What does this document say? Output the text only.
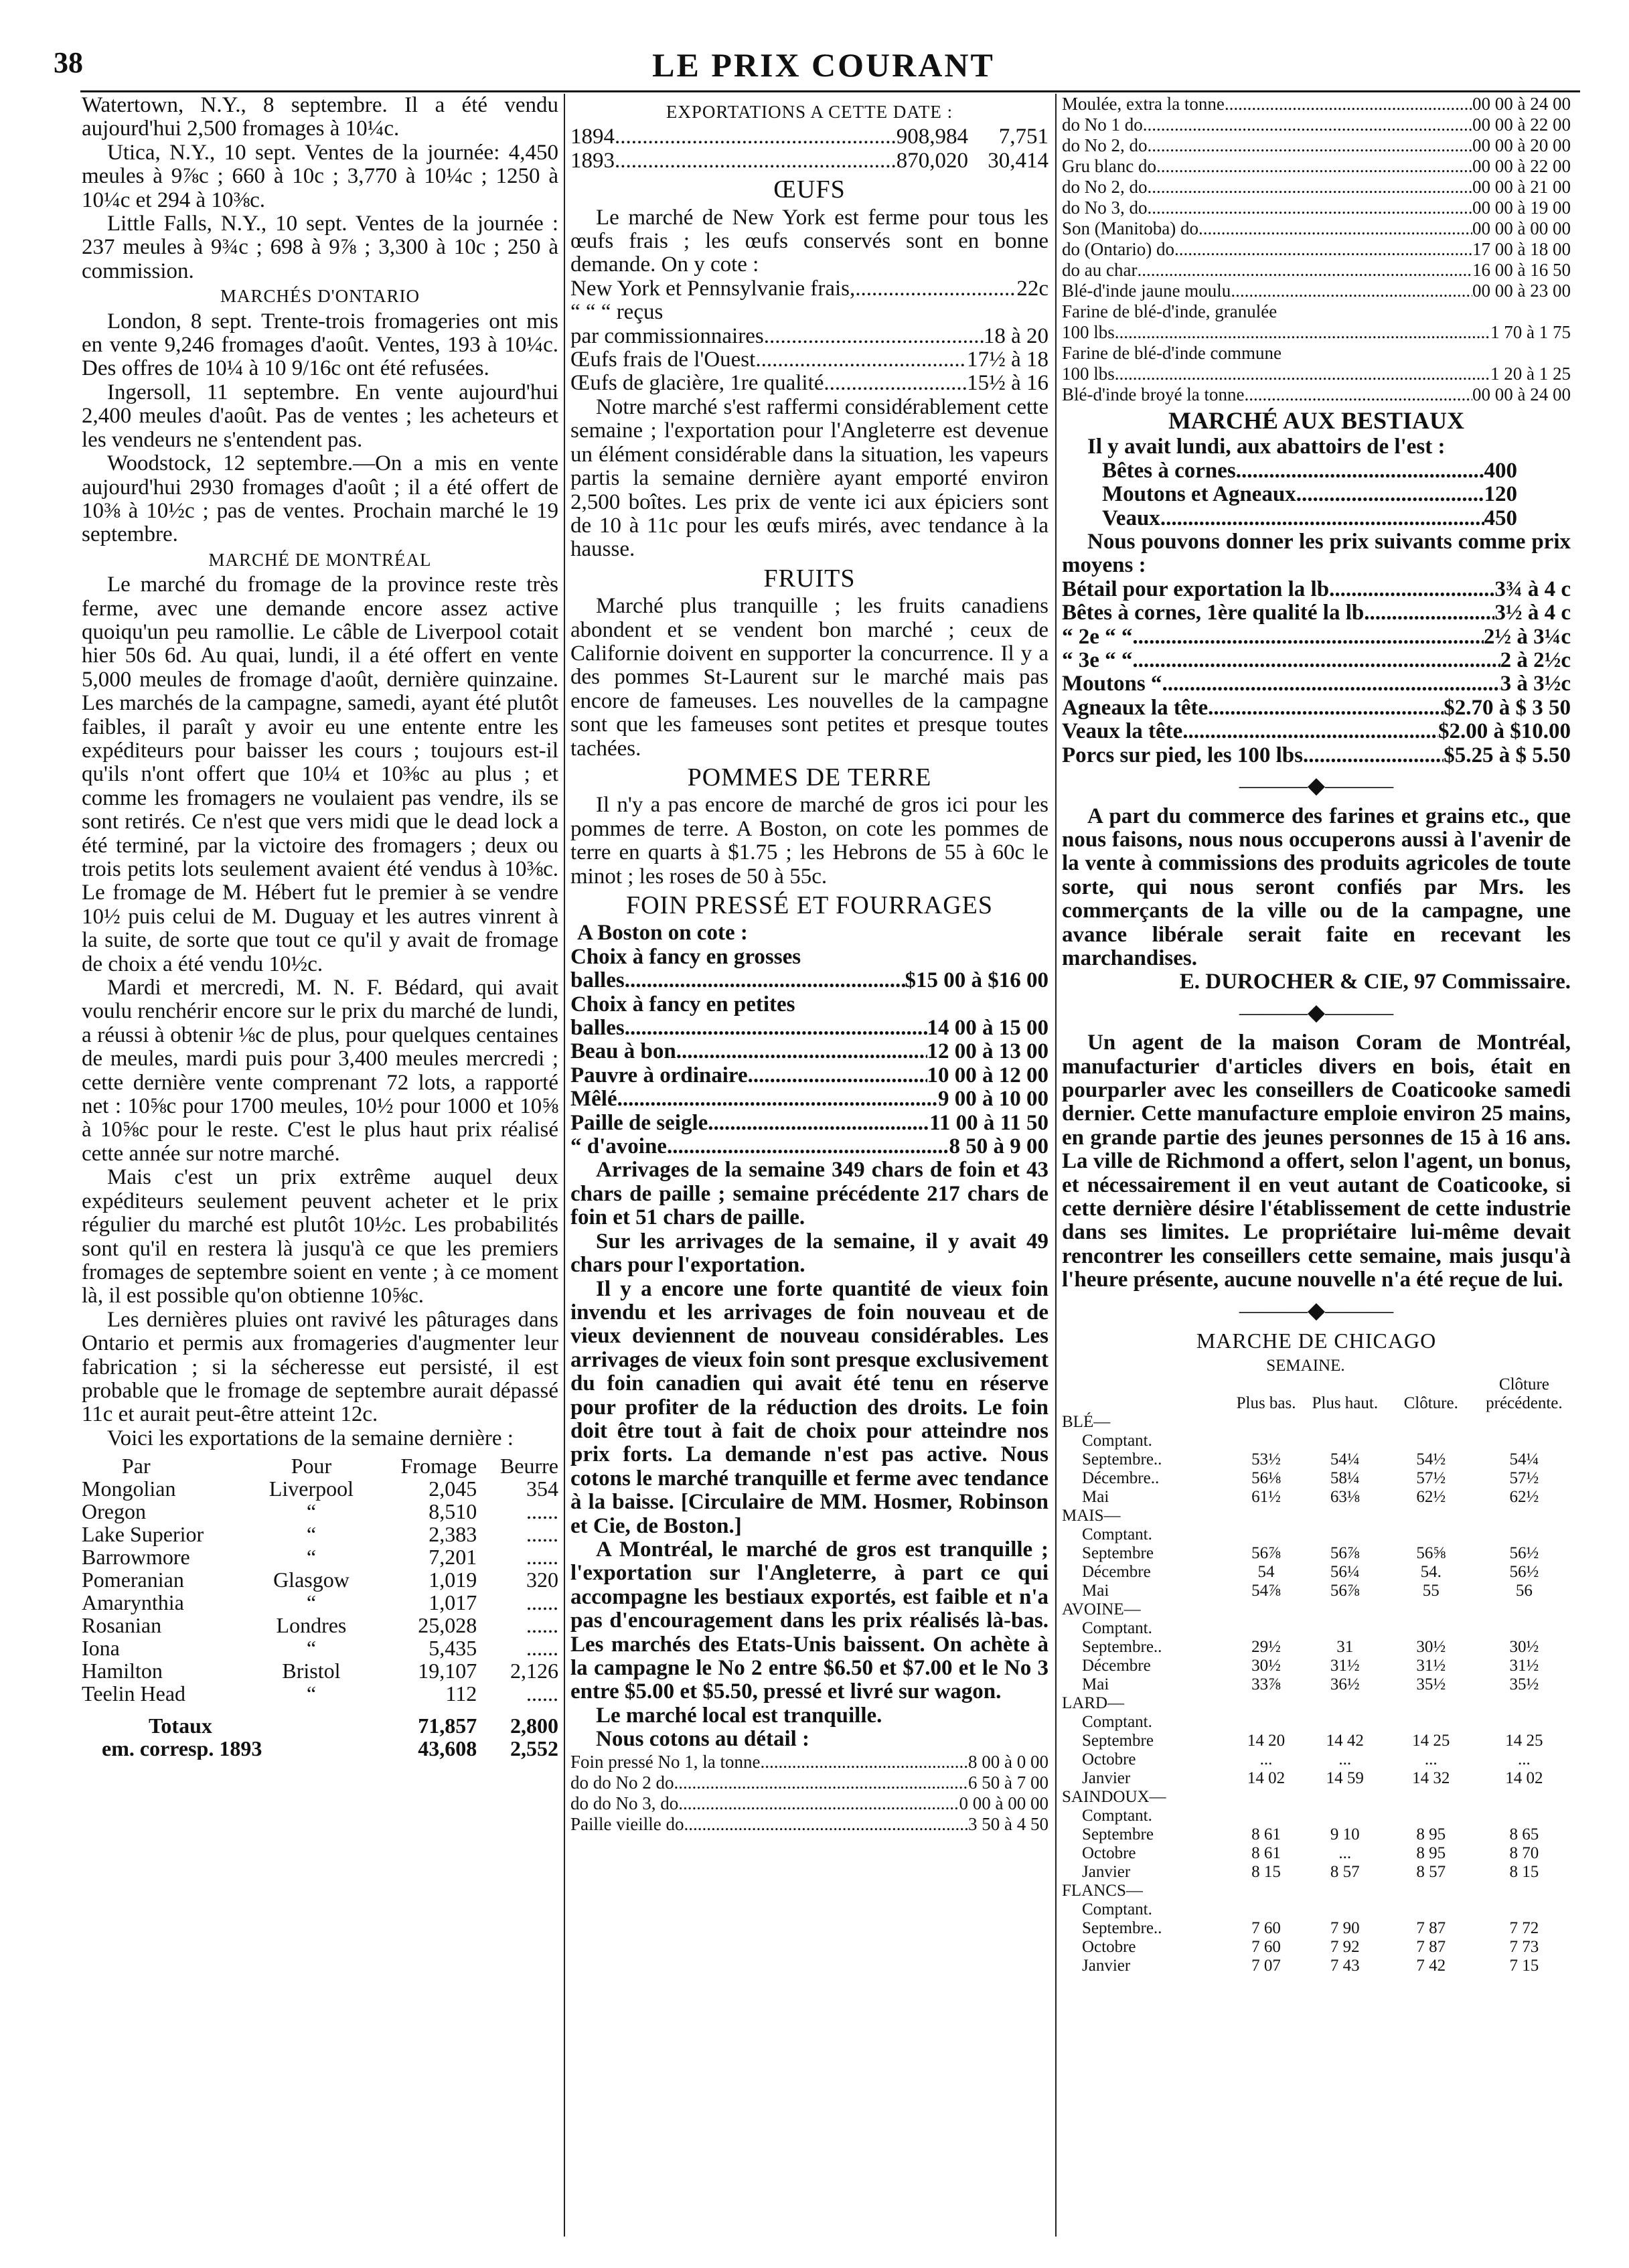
38	LE PRIX COURANT

Watertown, N.Y., 8 septembre. Il a été vendu aujourd'hui 2,500 fromages à 10¼c.

Utica, N.Y., 10 sept. Ventes de la journée: 4,450 meules à 9⅞c ; 660 à 10c ; 3,770 à 10¼c ; 1250 à 10¼c et 294 à 10⅜c.

Little Falls, N.Y., 10 sept. Ventes de la journée : 237 meules à 9¾c ; 698 à 9⅞ ; 3,300 à 10c ; 250 à commission.

MARCHÉS D'ONTARIO

London, 8 sept. Trente-trois fromageries ont mis en vente 9,246 fromages d'août. Ventes, 193 à 10¼c. Des offres de 10¼ à 10 9/16c ont été refusées.

Ingersoll, 11 septembre. En vente aujourd'hui 2,400 meules d'août. Pas de ventes ; les acheteurs et les vendeurs ne s'entendent pas.

Woodstock, 12 septembre.—On a mis en vente aujourd'hui 2930 fromages d'août ; il a été offert de 10⅜ à 10½c ; pas de ventes. Prochain marché le 19 septembre.

MARCHÉ DE MONTRÉAL

Le marché du fromage de la province reste très ferme, avec une demande encore assez active quoiqu'un peu ramollie. Le câble de Liverpool cotait hier 50s 6d. Au quai, lundi, il a été offert en vente 5,000 meules de fromage d'août, dernière quinzaine. Les marchés de la campagne, samedi, ayant été plutôt faibles, il paraît y avoir eu une entente entre les expéditeurs pour baisser les cours ; toujours est-il qu'ils n'ont offert que 10¼ et 10⅜c au plus ; et comme les fromagers ne voulaient pas vendre, ils se sont retirés. Ce n'est que vers midi que le dead lock a été terminé, par la victoire des fromagers ; deux ou trois petits lots seulement avaient été vendus à 10⅜c. Le fromage de M. Hébert fut le premier à se vendre 10½ puis celui de M. Duguay et les autres vinrent à la suite, de sorte que tout ce qu'il y avait de fromage de choix a été vendu 10½c.

Mardi et mercredi, M. N. F. Bédard, qui avait voulu renchérir encore sur le prix du marché de lundi, a réussi à obtenir ⅛c de plus, pour quelques centaines de meules, mardi puis pour 3,400 meules mercredi ; cette dernière vente comprenant 72 lots, a rapporté net : 10⅝c pour 1700 meules, 10½ pour 1000 et 10⅝ à 10⅝c pour le reste. C'est le plus haut prix réalisé cette année sur notre marché.

Mais c'est un prix extrême auquel deux expéditeurs seulement peuvent acheter et le prix régulier du marché est plutôt 10½c. Les probabilités sont qu'il en restera là jusqu'à ce que les premiers fromages de septembre soient en vente ; à ce moment là, il est possible qu'on obtienne 10⅝c.

Les dernières pluies ont ravivé les pâturages dans Ontario et permis aux fromageries d'augmenter leur fabrication ; si la sécheresse eut persisté, il est probable que le fromage de septembre aurait dépassé 11c et aurait peut-être atteint 12c.

Voici les exportations de la semaine dernière :

Par	Pour	Fromage	Beurre
Mongolian	Liverpool	2,045	354
Oregon	“	8,510	......
Lake Superior	“	2,383	......
Barrowmore	“	7,201	......
Pomeranian	Glasgow	1,019	320
Amarynthia	“	1,017	......
Rosanian	Londres	25,028	......
Iona	“	5,435	......
Hamilton	Bristol	19,107	2,126
Teelin Head	“	112	......
Totaux		71,857	2,800
em. corresp. 1893		43,608	2,552
EXPORTATIONS A CETTE DATE :
1894 .....	908,984	7,751
1893 .....	870,020 30,414
ŒUFS

Le marché de New York est ferme pour tous les œufs frais ; les œufs conservés sont en bonne demande. On y cote :

New York et Pennsylvanie frais, .....	22c
“ “ “ reçus
par commissionnaires .....	18 à 20
Œufs frais de l'Ouest .....	17½ à 18
Œufs de glacière, 1re qualité .....	15½ à 16

Notre marché s'est raffermi considérablement cette semaine ; l'exportation pour l'Angleterre est devenue un élément considérable dans la situation, les vapeurs partis la semaine dernière ayant emporté environ 2,500 boîtes. Les prix de vente ici aux épiciers sont de 10 à 11c pour les œufs mirés, avec tendance à la hausse.

FRUITS

Marché plus tranquille ; les fruits canadiens abondent et se vendent bon marché ; ceux de Californie doivent en supporter la concurrence. Il y a des pommes St-Laurent sur le marché mais pas encore de fameuses. Les nouvelles de la campagne sont que les fameuses sont petites et presque toutes tachées.

POMMES DE TERRE

Il n'y a pas encore de marché de gros ici pour les pommes de terre. A Boston, on cote les pommes de terre en quarts à $1.75 ; les Hebrons de 55 à 60c le minot ; les roses de 50 à 55c.

FOIN PRESSÉ ET FOURRAGES

A Boston on cote :

Choix à fancy en grosses
balles .....	$15 00 à $16 00
Choix à fancy en petites
balles .....	14 00 à 15 00
Beau à bon .....	12 00 à 13 00
Pauvre à ordinaire .....	10 00 à 12 00
Mêlé .....	9 00 à 10 00
Paille de seigle .....	11 00 à 11 50
“ d'avoine .....	8 50 à 9 00

Arrivages de la semaine 349 chars de foin et 43 chars de paille ; semaine précédente 217 chars de foin et 51 chars de paille.

Sur les arrivages de la semaine, il y avait 49 chars pour l'exportation.

Il y a encore une forte quantité de vieux foin invendu et les arrivages de foin nouveau et de vieux deviennent de nouveau considérables. Les arrivages de vieux foin sont presque exclusivement du foin canadien qui avait été tenu en réserve pour profiter de la réduction des droits. Le foin doit être tout à fait de choix pour atteindre nos prix forts. La demande n'est pas active. Nous cotons le marché tranquille et ferme avec tendance à la baisse. [Circulaire de MM. Hosmer, Robinson et Cie, de Boston.]

A Montréal, le marché de gros est tranquille ; l'exportation sur l'Angleterre, à part ce qui accompagne les bestiaux exportés, est faible et n'a pas d'encouragement dans les prix réalisés là-bas. Les marchés des Etats-Unis baissent. On achète à la campagne le No 2 entre $6.50 et $7.00 et le No 3 entre $5.00 et $5.50, pressé et livré sur wagon.

Le marché local est tranquille.

Nous cotons au détail :

Foin pressé No 1, la tonne .....	8 00 à 0 00
do do No 2 do .....	6 50 à 7 00
do do No 3, do .....	0 00 à 00 00
Paille vieille do .....	3 50 à 4 50
Moulée, extra la tonne .....	00 00 à 24 00
do No 1 do .....	00 00 à 22 00
do No 2, do .....	00 00 à 20 00
Gru blanc do .....	00 00 à 22 00
do No 2, do .....	00 00 à 21 00
do No 3, do .....	00 00 à 19 00
Son (Manitoba) do .....	00 00 à 00 00
do (Ontario) do .....	17 00 à 18 00
do au char .....	16 00 à 16 50
Blé-d'inde jaune moulu .....	00 00 à 23 00
Farine de blé-d'inde, granulée
100 lbs .....	1 70 à 1 75
Farine de blé-d'inde commune
100 lbs .....	1 20 à 1 25
Blé-d'inde broyé la tonne .....	00 00 à 24 00
MARCHÉ AUX BESTIAUX

Il y avait lundi, aux abattoirs de l'est :

Bêtes à cornes .....	400
Moutons et Agneaux .....	120
Veaux .....	450

Nous pouvons donner les prix suivants comme prix moyens :

Bétail pour exportation la lb. .....	3¾ à 4 c
Bêtes à cornes, 1ère qualité la lb. .....	3½ à 4 c
“ 2e “ “ .....	2½ à 3¼c
“ 3e “ “ .....	2 à 2½c
Moutons “ .....	3 à 3½c
Agneaux la tête .....	$2.70 à $ 3 50
Veaux la tête .....	$2.00 à $10.00
Porcs sur pied, les 100 lbs. .....	$5.25 à $ 5.50
———◆———

A part du commerce des farines et grains etc., que nous faisons, nous nous occuperons aussi à l'avenir de la vente à commissions des produits agricoles de toute sorte, qui nous seront confiés par Mrs. les commerçants de la ville ou de la campagne, une avance libérale serait faite en recevant les marchandises.

E. DUROCHER & CIE, 97 Commissaire.

———◆———

Un agent de la maison Coram de Montréal, manufacturier d'articles divers en bois, était en pourparler avec les conseillers de Coaticooke samedi dernier. Cette manufacture emploie environ 25 mains, en grande partie des jeunes personnes de 15 à 16 ans. La ville de Richmond a offert, selon l'agent, un bonus, et nécessairement il en veut autant de Coaticooke, si cette dernière désire l'établissement de cette industrie dans ses limites. Le propriétaire lui-même devait rencontrer les conseillers cette semaine, mais jusqu'à l'heure présente, aucune nouvelle n'a été reçue de lui.

———◆———
MARCHE DE CHICAGO
	SEMAINE.			
	Plus bas.	Plus haut.	Clôture.	Clôture précédente.
BLÉ—				
Comptant.				
Septembre..	53½	54¼	54½	54¼
Décembre..	56⅛	58¼	57½	57½
Mai	61½	63⅛	62½	62½
MAIS—				
Comptant.				
Septembre	56⅞	56⅞	56⅝	56½
Décembre	54	56¼	54.	56½
Mai	54⅞	56⅞	55	56
AVOINE—				
Comptant.				
Septembre..	29½	31	30½	30½
Décembre	30½	31½	31½	31½
Mai	33⅞	36½	35½	35½
LARD—				
Comptant.				
Septembre	14 20	14 42	14 25	14 25
Octobre	...	...	...	...
Janvier	14 02	14 59	14 32	14 02
SAINDOUX—				
Comptant.				
Septembre	8 61	9 10	8 95	8 65
Octobre	8 61	...	8 95	8 70
Janvier	8 15	8 57	8 57	8 15
FLANCS—				
Comptant.				
Septembre..	7 60	7 90	7 87	7 72
Octobre	7 60	7 92	7 87	7 73
Janvier	7 07	7 43	7 42	7 15
